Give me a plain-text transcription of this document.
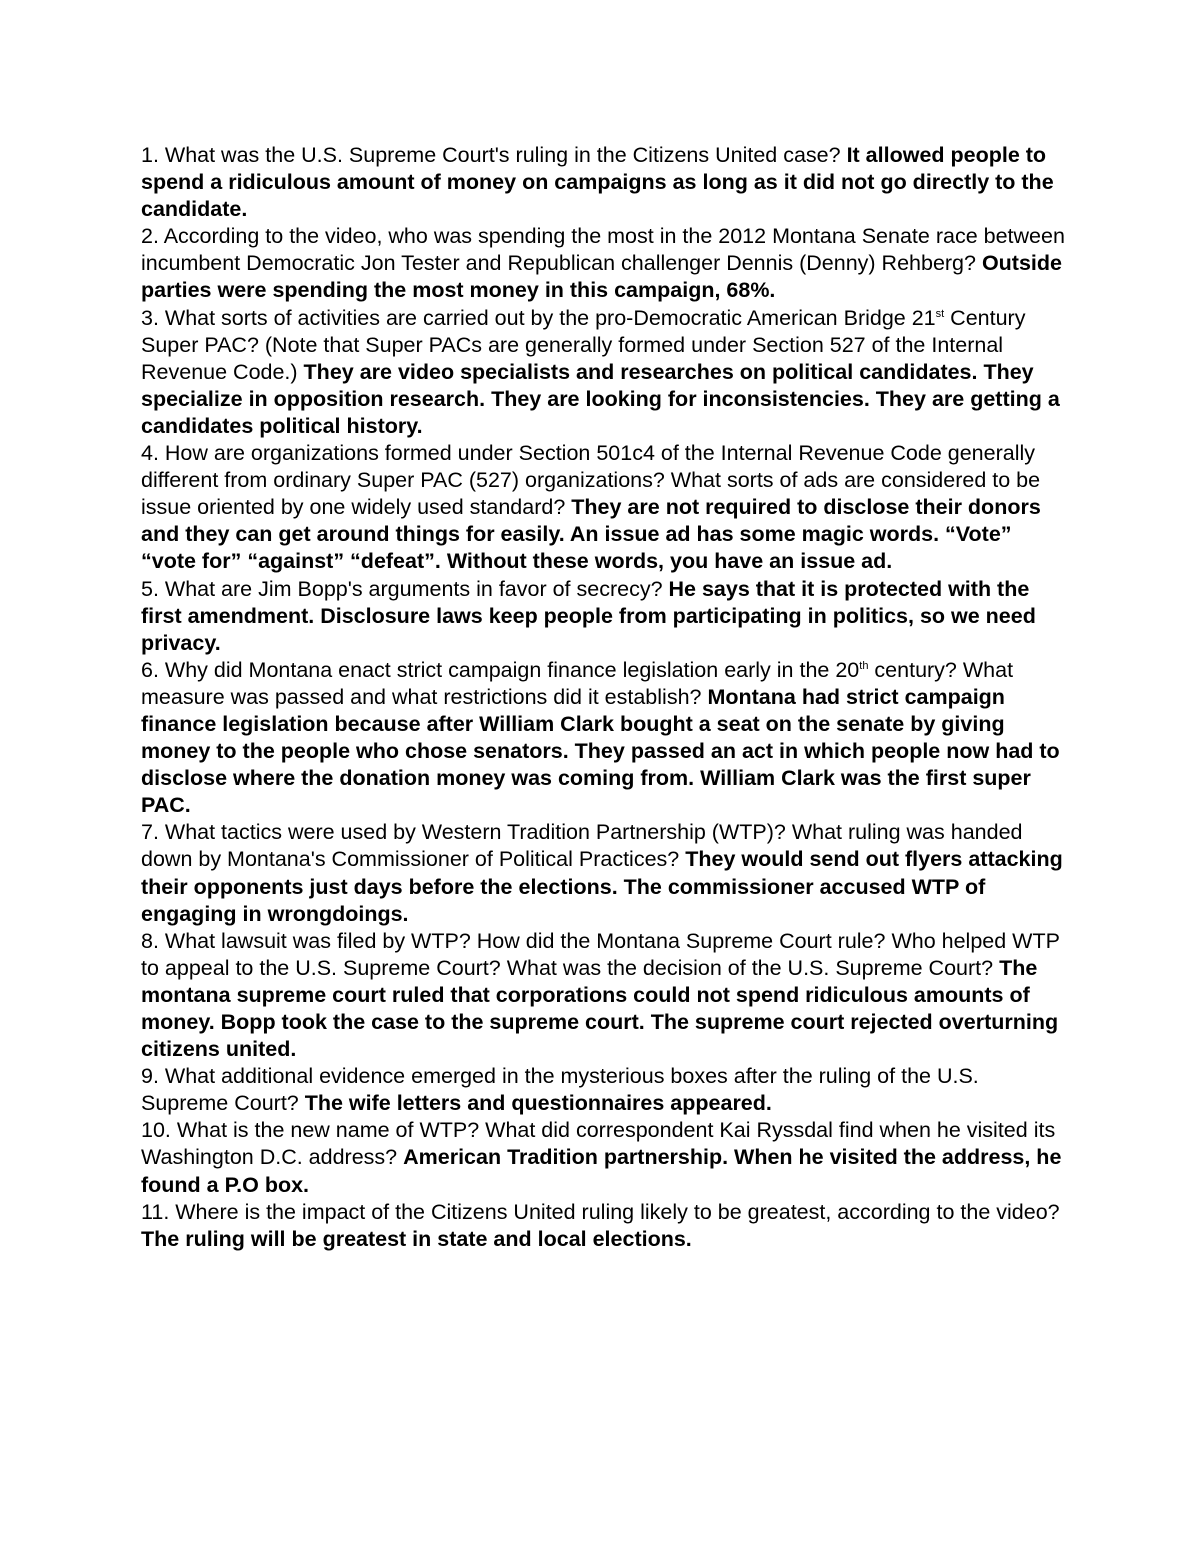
1. What was the U.S. Supreme Court's ruling in the Citizens United case? It allowed people to spend a ridiculous amount of money on campaigns as long as it did not go directly to the candidate.

2. According to the video, who was spending the most in the 2012 Montana Senate race between incumbent Democratic Jon Tester and Republican challenger Dennis (Denny) Rehberg? Outside parties were spending the most money in this campaign, 68%.

3. What sorts of activities are carried out by the pro-Democratic American Bridge 21st Century Super PAC? (Note that Super PACs are generally formed under Section 527 of the Internal Revenue Code.) They are video specialists and researches on political candidates. They specialize in opposition research. They are looking for inconsistencies. They are getting a candidates political history.

4. How are organizations formed under Section 501c4 of the Internal Revenue Code generally different from ordinary Super PAC (527) organizations? What sorts of ads are considered to be issue oriented by one widely used standard? They are not required to disclose their donors and they can get around things for easily. An issue ad has some magic words. “Vote” “vote for” “against” “defeat”. Without these words, you have an issue ad.

5. What are Jim Bopp's arguments in favor of secrecy? He says that it is protected with the first amendment. Disclosure laws keep people from participating in politics, so we need privacy.

6. Why did Montana enact strict campaign finance legislation early in the 20th century? What measure was passed and what restrictions did it establish? Montana had strict campaign finance legislation because after William Clark bought a seat on the senate by giving money to the people who chose senators. They passed an act in which people now had to disclose where the donation money was coming from. William Clark was the first super PAC.

7. What tactics were used by Western Tradition Partnership (WTP)? What ruling was handed down by Montana's Commissioner of Political Practices? They would send out flyers attacking their opponents just days before the elections. The commissioner accused WTP of engaging in wrongdoings.

8. What lawsuit was filed by WTP? How did the Montana Supreme Court rule? Who helped WTP to appeal to the U.S. Supreme Court? What was the decision of the U.S. Supreme Court? The montana supreme court ruled that corporations could not spend ridiculous amounts of money. Bopp took the case to the supreme court. The supreme court rejected overturning citizens united.

9. What additional evidence emerged in the mysterious boxes after the ruling of the U.S. Supreme Court? The wife letters and questionnaires appeared.

10. What is the new name of WTP? What did correspondent Kai Ryssdal find when he visited its Washington D.C. address? American Tradition partnership. When he visited the address, he found a P.O box.

11. Where is the impact of the Citizens United ruling likely to be greatest, according to the video? The ruling will be greatest in state and local elections.
